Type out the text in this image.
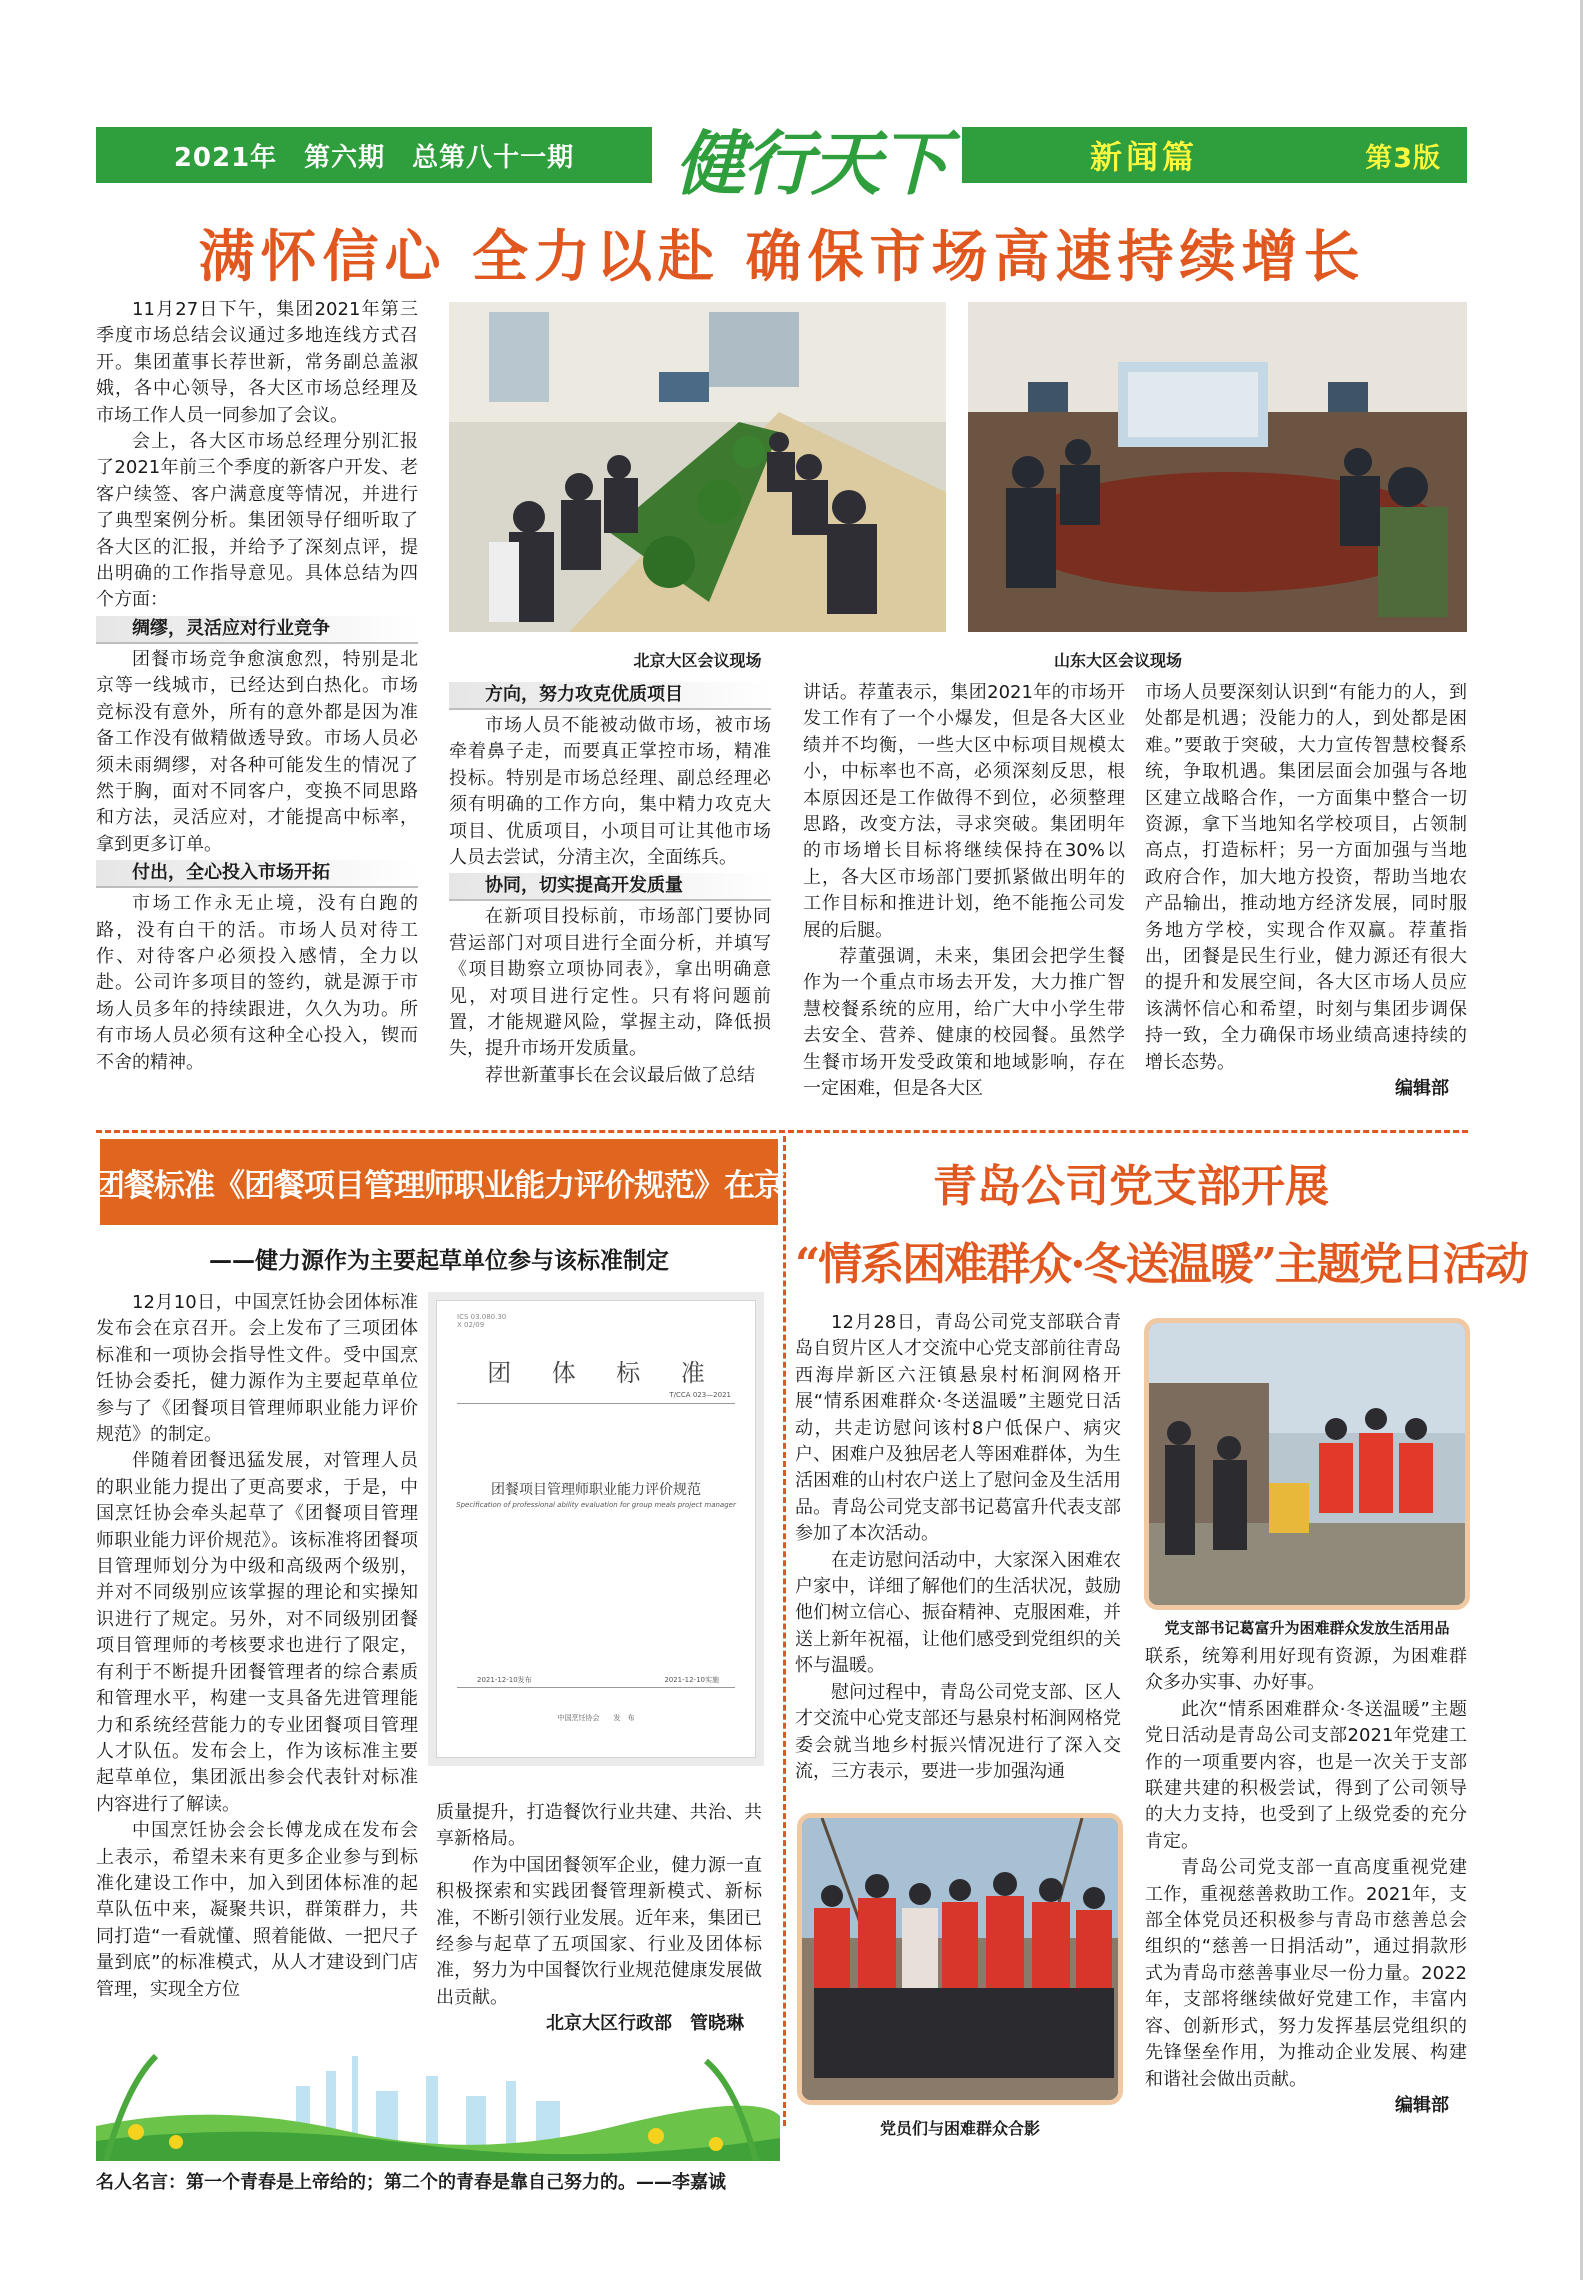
2021年　第六期　总第八十一期 健行天下	新闻篇	第3版
满怀信心 全力以赴 确保市场高速持续增长

11月27日下午，集团2021年第三季度市场总结会议通过多地连线方式召开。集团董事长荐世新，常务副总盖淑娥，各中心领导，各大区市场总经理及市场工作人员一同参加了会议。

会上，各大区市场总经理分别汇报了2021年前三个季度的新客户开发、老客户续签、客户满意度等情况，并进行了典型案例分析。集团领导仔细听取了各大区的汇报，并给予了深刻点评，提出明确的工作指导意见。具体总结为四个方面：

绸缪，灵活应对行业竞争

团餐市场竞争愈演愈烈，特别是北京等一线城市，已经达到白热化。市场竞标没有意外，所有的意外都是因为准备工作没有做精做透导致。市场人员必须未雨绸缪，对各种可能发生的情况了然于胸，面对不同客户，变换不同思路和方法，灵活应对，才能提高中标率，拿到更多订单。

付出，全心投入市场开拓

市场工作永无止境，没有白跑的路，没有白干的活。市场人员对待工作、对待客户必须投入感情，全力以赴。公司许多项目的签约，就是源于市场人员多年的持续跟进，久久为功。所有市场人员必须有这种全心投入，锲而不舍的精神。

北京大区会议现场	山东大区会议现场
方向，努力攻克优质项目

市场人员不能被动做市场，被市场牵着鼻子走，而要真正掌控市场，精准投标。特别是市场总经理、副总经理必须有明确的工作方向，集中精力攻克大项目、优质项目，小项目可让其他市场人员去尝试，分清主次，全面练兵。

协同，切实提高开发质量

在新项目投标前，市场部门要协同营运部门对项目进行全面分析，并填写《项目勘察立项协同表》，拿出明确意见，对项目进行定性。只有将问题前置，才能规避风险，掌握主动，降低损失，提升市场开发质量。

荐世新董事长在会议最后做了总结

讲话。荐董表示，集团2021年的市场开发工作有了一个小爆发，但是各大区业绩并不均衡，一些大区中标项目规模太小，中标率也不高，必须深刻反思，根本原因还是工作做得不到位，必须整理思路，改变方法，寻求突破。集团明年的市场增长目标将继续保持在30%以上，各大区市场部门要抓紧做出明年的工作目标和推进计划，绝不能拖公司发展的后腿。

荐董强调，未来，集团会把学生餐作为一个重点市场去开发，大力推广智慧校餐系统的应用，给广大中小学生带去安全、营养、健康的校园餐。虽然学生餐市场开发受政策和地域影响，存在一定困难，但是各大区

市场人员要深刻认识到“有能力的人，到处都是机遇；没能力的人，到处都是困难。”要敢于突破，大力宣传智慧校餐系统，争取机遇。集团层面会加强与各地区建立战略合作，一方面集中整合一切资源，拿下当地知名学校项目，占领制高点，打造标杆；另一方面加强与当地政府合作，加大地方投资，帮助当地农产品输出，推动地方经济发展，同时服务地方学校，实现合作双赢。荐董指出，团餐是民生行业，健力源还有很大的提升和发展空间，各大区市场人员应该满怀信心和希望，时刻与集团步调保持一致，全力确保市场业绩高速持续的增长态势。

编辑部
中国团餐标准《团餐项目管理师职业能力评价规范》在京发布
——健力源作为主要起草单位参与该标准制定

12月10日，中国烹饪协会团体标准发布会在京召开。会上发布了三项团体标准和一项协会指导性文件。受中国烹饪协会委托，健力源作为主要起草单位参与了《团餐项目管理师职业能力评价规范》的制定。

伴随着团餐迅猛发展，对管理人员的职业能力提出了更高要求，于是，中国烹饪协会牵头起草了《团餐项目管理师职业能力评价规范》。该标准将团餐项目管理师划分为中级和高级两个级别，并对不同级别应该掌握的理论和实操知识进行了规定。另外，对不同级别团餐项目管理师的考核要求也进行了限定，有利于不断提升团餐管理者的综合素质和管理水平，构建一支具备先进管理能力和系统经营能力的专业团餐项目管理人才队伍。发布会上，作为该标准主要起草单位，集团派出参会代表针对标准内容进行了解读。

中国烹饪协会会长傅龙成在发布会上表示，希望未来有更多企业参与到标准化建设工作中，加入到团体标准的起草队伍中来，凝聚共识，群策群力，共同打造“一看就懂、照着能做、一把尺子量到底”的标准模式，从人才建设到门店管理，实现全方位

ICS 03.080.30
X 02/09
团 体 标 准
T/CCA 023—2021
团餐项目管理师职业能力评价规范
Specification of professional ability evaluation for group meals project manager
2021-12-10发布	2021-12-10实施
中国烹饪协会　　发　布

质量提升，打造餐饮行业共建、共治、共享新格局。

作为中国团餐领军企业，健力源一直积极探索和实践团餐管理新模式、新标准，不断引领行业发展。近年来，集团已经参与起草了五项国家、行业及团体标准，努力为中国餐饮行业规范健康发展做出贡献。

北京大区行政部　管晓琳
青岛公司党支部开展
“情系困难群众·冬送温暖”主题党日活动

12月28日，青岛公司党支部联合青岛自贸片区人才交流中心党支部前往青岛西海岸新区六汪镇悬泉村柘涧网格开展“情系困难群众·冬送温暖”主题党日活动，共走访慰问该村8户低保户、病灾户、困难户及独居老人等困难群体，为生活困难的山村农户送上了慰问金及生活用品。青岛公司党支部书记葛富升代表支部参加了本次活动。

在走访慰问活动中，大家深入困难农户家中，详细了解他们的生活状况，鼓励他们树立信心、振奋精神、克服困难，并送上新年祝福，让他们感受到党组织的关怀与温暖。

慰问过程中，青岛公司党支部、区人才交流中心党支部还与悬泉村柘涧网格党委会就当地乡村振兴情况进行了深入交流，三方表示，要进一步加强沟通

党支部书记葛富升为困难群众发放生活用品

联系，统筹利用好现有资源，为困难群众多办实事、办好事。

此次“情系困难群众·冬送温暖”主题党日活动是青岛公司支部2021年党建工作的一项重要内容，也是一次关于支部联建共建的积极尝试，得到了公司领导的大力支持，也受到了上级党委的充分肯定。

青岛公司党支部一直高度重视党建工作，重视慈善救助工作。2021年，支部全体党员还积极参与青岛市慈善总会组织的“慈善一日捐活动”，通过捐款形式为青岛市慈善事业尽一份力量。2022年，支部将继续做好党建工作，丰富内容、创新形式，努力发挥基层党组织的先锋堡垒作用，为推动企业发展、构建和谐社会做出贡献。

编辑部
党员们与困难群众合影
名人名言：第一个青春是上帝给的；第二个的青春是靠自己努力的。——李嘉诚
